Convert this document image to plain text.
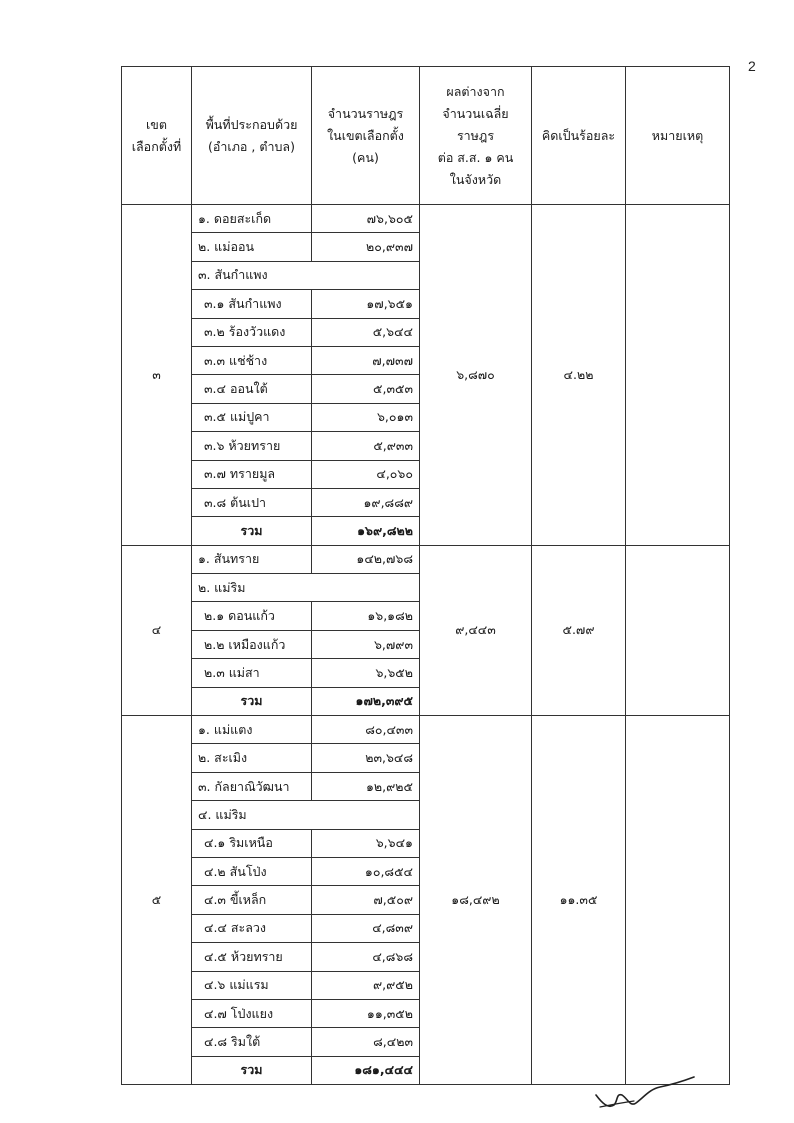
2
เขต
เลือกตั้งที่	พื้นที่ประกอบด้วย
(อำเภอ , ตำบล)	จำนวนราษฎร
ในเขตเลือกตั้ง
(คน)	ผลต่างจาก
จำนวนเฉลี่ย
ราษฎร
ต่อ ส.ส. ๑ คน
ในจังหวัด	คิดเป็นร้อยละ	หมายเหตุ
๓	๑. ดอยสะเก็ด	๗๖,๖๐๕	๖,๘๗๐	๔.๒๒	
	๒. แม่ออน	๒๐,๙๓๗			
	๓. สันกำแพง				
	๓.๑ สันกำแพง	๑๗,๖๕๑			
	๓.๒ ร้องวัวแดง	๕,๖๔๔			
	๓.๓ แช่ช้าง	๗,๗๓๗			
	๓.๔ ออนใต้	๕,๓๕๓			
	๓.๕ แม่ปูคา	๖,๐๑๓			
	๓.๖ ห้วยทราย	๕,๙๓๓			
	๓.๗ ทรายมูล	๔,๐๖๐			
	๓.๘ ต้นเปา	๑๙,๘๘๙			
	รวม	๑๖๙,๘๒๒			
๔	๑. สันทราย	๑๔๒,๗๖๘	๙,๔๔๓	๕.๗๙	
	๒. แม่ริม				
	๒.๑ ดอนแก้ว	๑๖,๑๘๒			
	๒.๒ เหมืองแก้ว	๖,๗๙๓			
	๒.๓ แม่สา	๖,๖๕๒			
	รวม	๑๗๒,๓๙๕			
๕	๑. แม่แตง	๘๐,๔๓๓	๑๘,๔๙๒	๑๑.๓๕	
	๒. สะเมิง	๒๓,๖๔๘			
	๓. กัลยาณิวัฒนา	๑๒,๙๒๕			
	๔. แม่ริม				
	๔.๑ ริมเหนือ	๖,๖๔๑			
	๔.๒ สันโป่ง	๑๐,๘๕๔			
	๔.๓ ขี้เหล็ก	๗,๕๐๙			
	๔.๔ สะลวง	๔,๘๓๙			
	๔.๕ ห้วยทราย	๔,๘๖๘			
	๔.๖ แม่แรม	๙,๙๕๒			
	๔.๗ โป่งแยง	๑๑,๓๕๒			
	๔.๘ ริมใต้	๘,๔๒๓			
	รวม	๑๘๑,๔๔๔			
